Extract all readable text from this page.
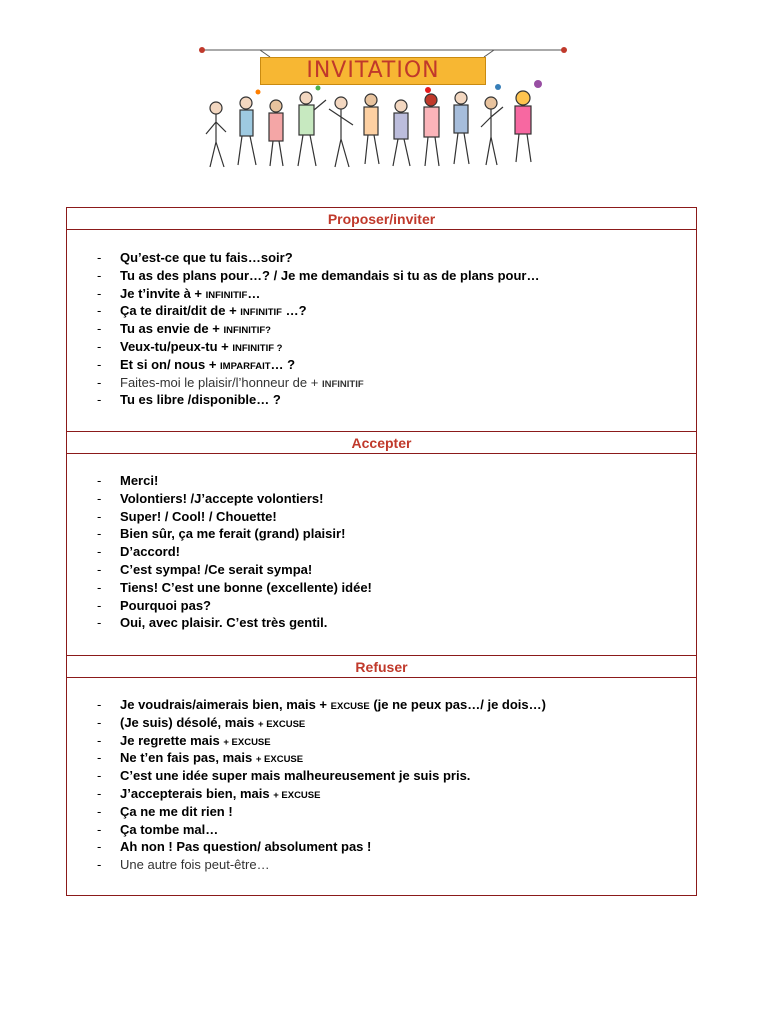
INVITATION
Proposer/inviter
- Qu’est-ce que tu fais…soir?
- Tu as des plans pour…? / Je me demandais si tu as de plans pour…
- Je t’invite à + INFINITIF…
- Ça te dirait/dit de + INFINITIF …?
- Tu as envie de + INFINITIF?
- Veux-tu/peux-tu + INFINITIF ?
- Et si on/ nous + IMPARFAIT… ?
- Faites-moi le plaisir/l’honneur de + INFINITIF
- Tu es libre /disponible… ?
Accepter
- Merci!
- Volontiers! /J’accepte volontiers!
- Super! / Cool! / Chouette!
- Bien sûr, ça me ferait (grand) plaisir!
- D’accord!
- C’est sympa! /Ce serait sympa!
- Tiens! C’est une bonne (excellente) idée!
- Pourquoi pas?
- Oui, avec plaisir. C’est très gentil.
Refuser
- Je voudrais/aimerais bien, mais + EXCUSE (je ne peux pas…/ je dois…)
- (Je suis) désolé, mais + EXCUSE
- Je regrette mais + EXCUSE
- Ne t’en fais pas, mais + EXCUSE
- C’est une idée super mais malheureusement je suis pris.
- J’accepterais bien, mais + EXCUSE
- Ça ne me dit rien !
- Ça tombe mal…
- Ah non ! Pas question/ absolument pas !
- Une autre fois peut-être…
